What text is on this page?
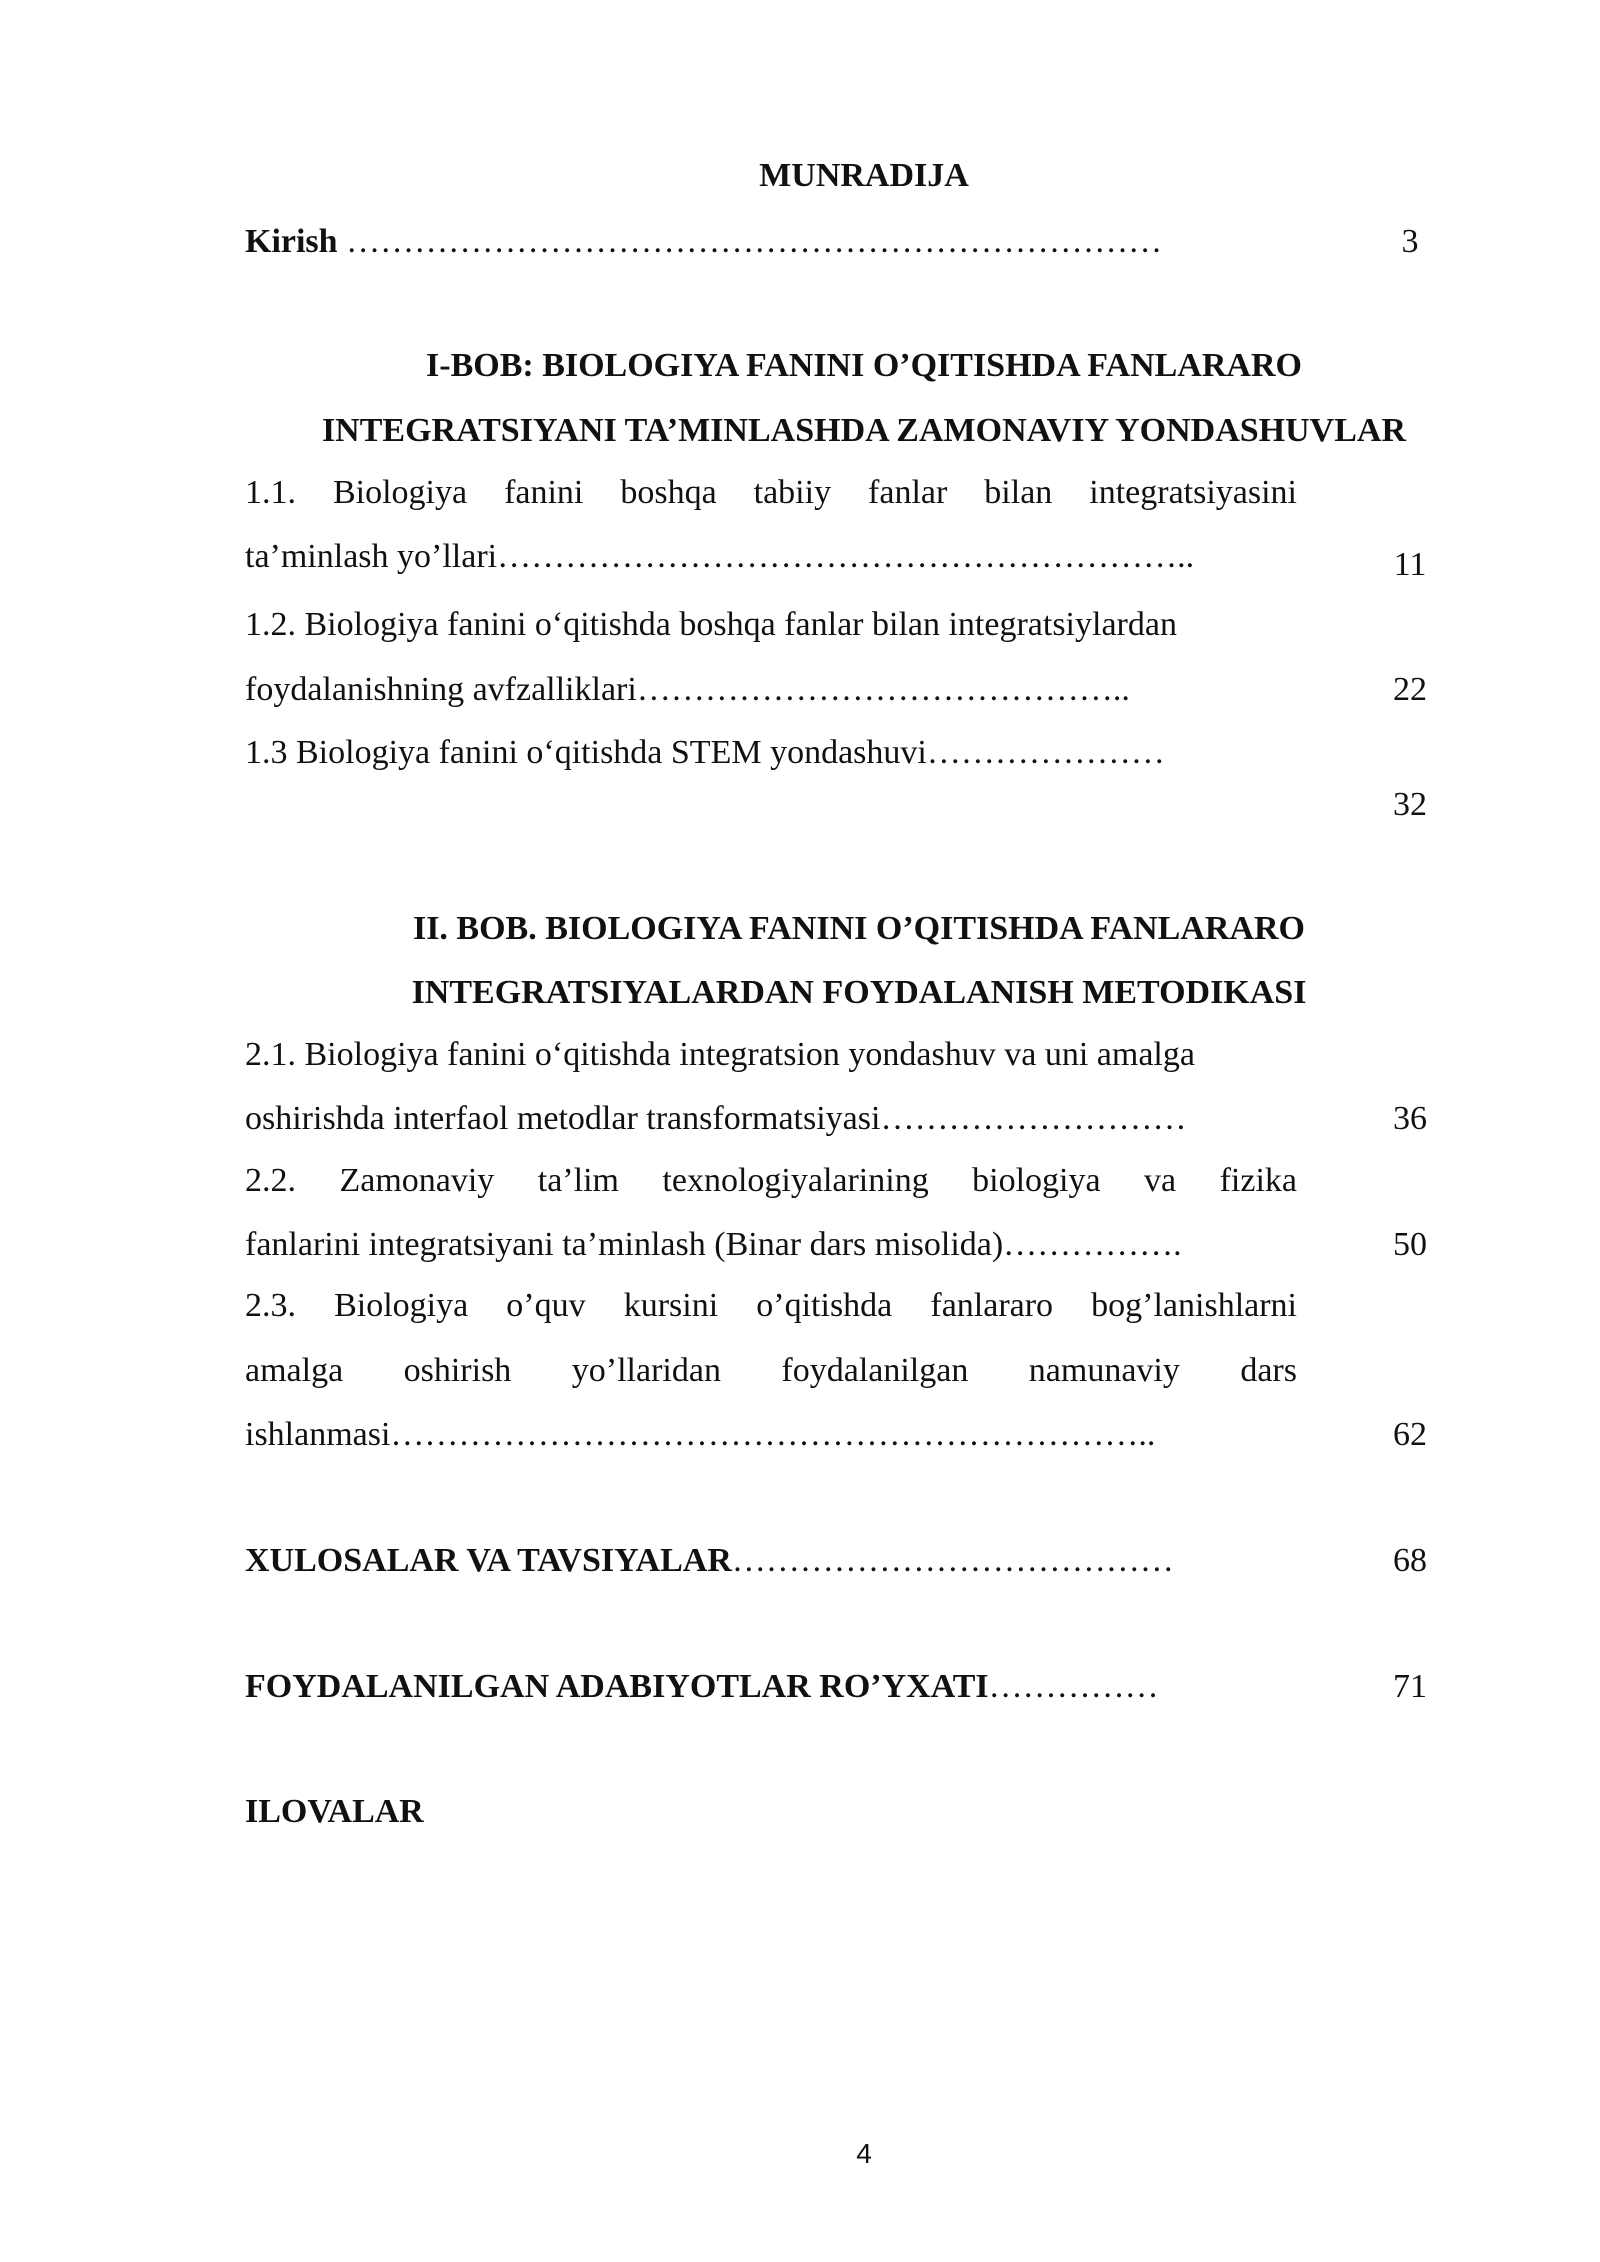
MUNRADIJA
Kirish ………………………………………………………………	3
I-BOB: BIOLOGIYA FANINI O’QITISHDA FANLARARO
INTEGRATSIYANI TA’MINLASHDA ZAMONAVIY YONDASHUVLAR
1.1. Biologiya fanini boshqa tabiiy fanlar bilan integratsiyasini
ta’minlash yo’llari……………………………………………………..	11
1.2. Biologiya fanini o‘qitishda boshqa fanlar bilan integratsiylardan
foydalanishning avfzalliklari……………………………………..	22
1.3 Biologiya fanini o‘qitishda STEM yondashuvi…………………
32
II. BOB. BIOLOGIYA FANINI O’QITISHDA FANLARARO
INTEGRATSIYALARDAN FOYDALANISH METODIKASI
2.1. Biologiya fanini o‘qitishda integratsion yondashuv va uni amalga
oshirishda interfaol metodlar transformatsiyasi………………………	36
2.2. Zamonaviy ta’lim texnologiyalarining biologiya va fizika
fanlarini integratsiyani ta’minlash (Binar dars misolida)…………….	50
2.3. Biologiya o’quv kursini o’qitishda fanlararo bog’lanishlarni
amalga oshirish yo’llaridan foydalanilgan namunaviy dars
ishlanmasi…………………………………………………………..	62
XULOSALAR VA TAVSIYALAR…………………………………	68
FOYDALANILGAN ADABIYOTLAR RO’YXATI……………	71
ILOVALAR
4
